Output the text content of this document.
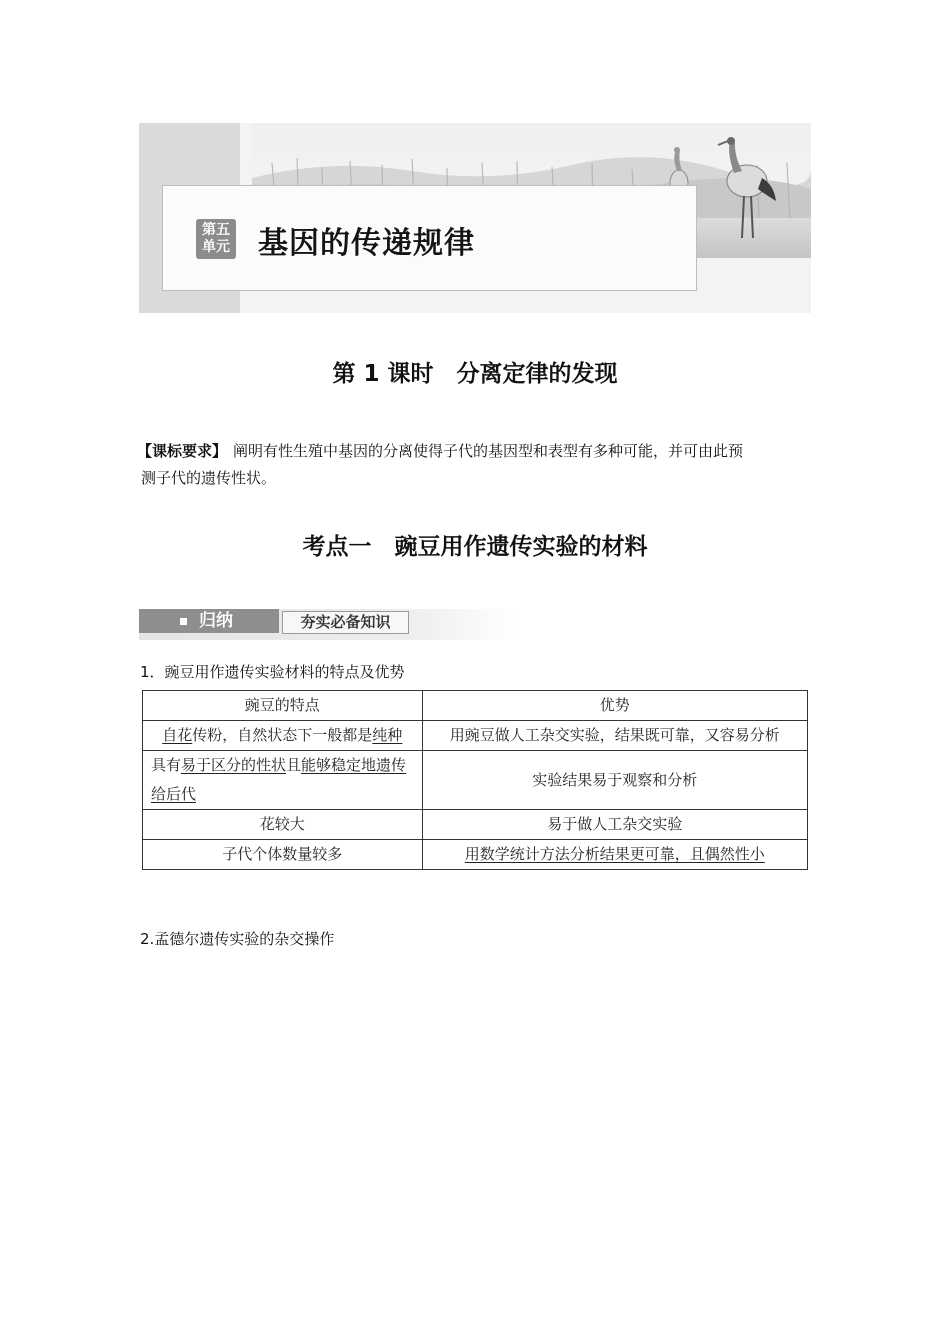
第五
单元 基因的传递规律
第 1 课时　分离定律的发现
【课标要求】 阐明有性生殖中基因的分离使得子代的基因型和表型有多种可能，并可由此预
测子代的遗传性状。
考点一　豌豆用作遗传实验的材料
归纳	夯实必备知识
1．豌豆用作遗传实验材料的特点及优势
豌豆的特点	优势
自花传粉，自然状态下一般都是纯种	用豌豆做人工杂交实验，结果既可靠，又容易分析
具有易于区分的性状且能够稳定地遗传给后代	实验结果易于观察和分析
花较大	易于做人工杂交实验
子代个体数量较多	用数学统计方法分析结果更可靠，且偶然性小
2.孟德尔遗传实验的杂交操作
